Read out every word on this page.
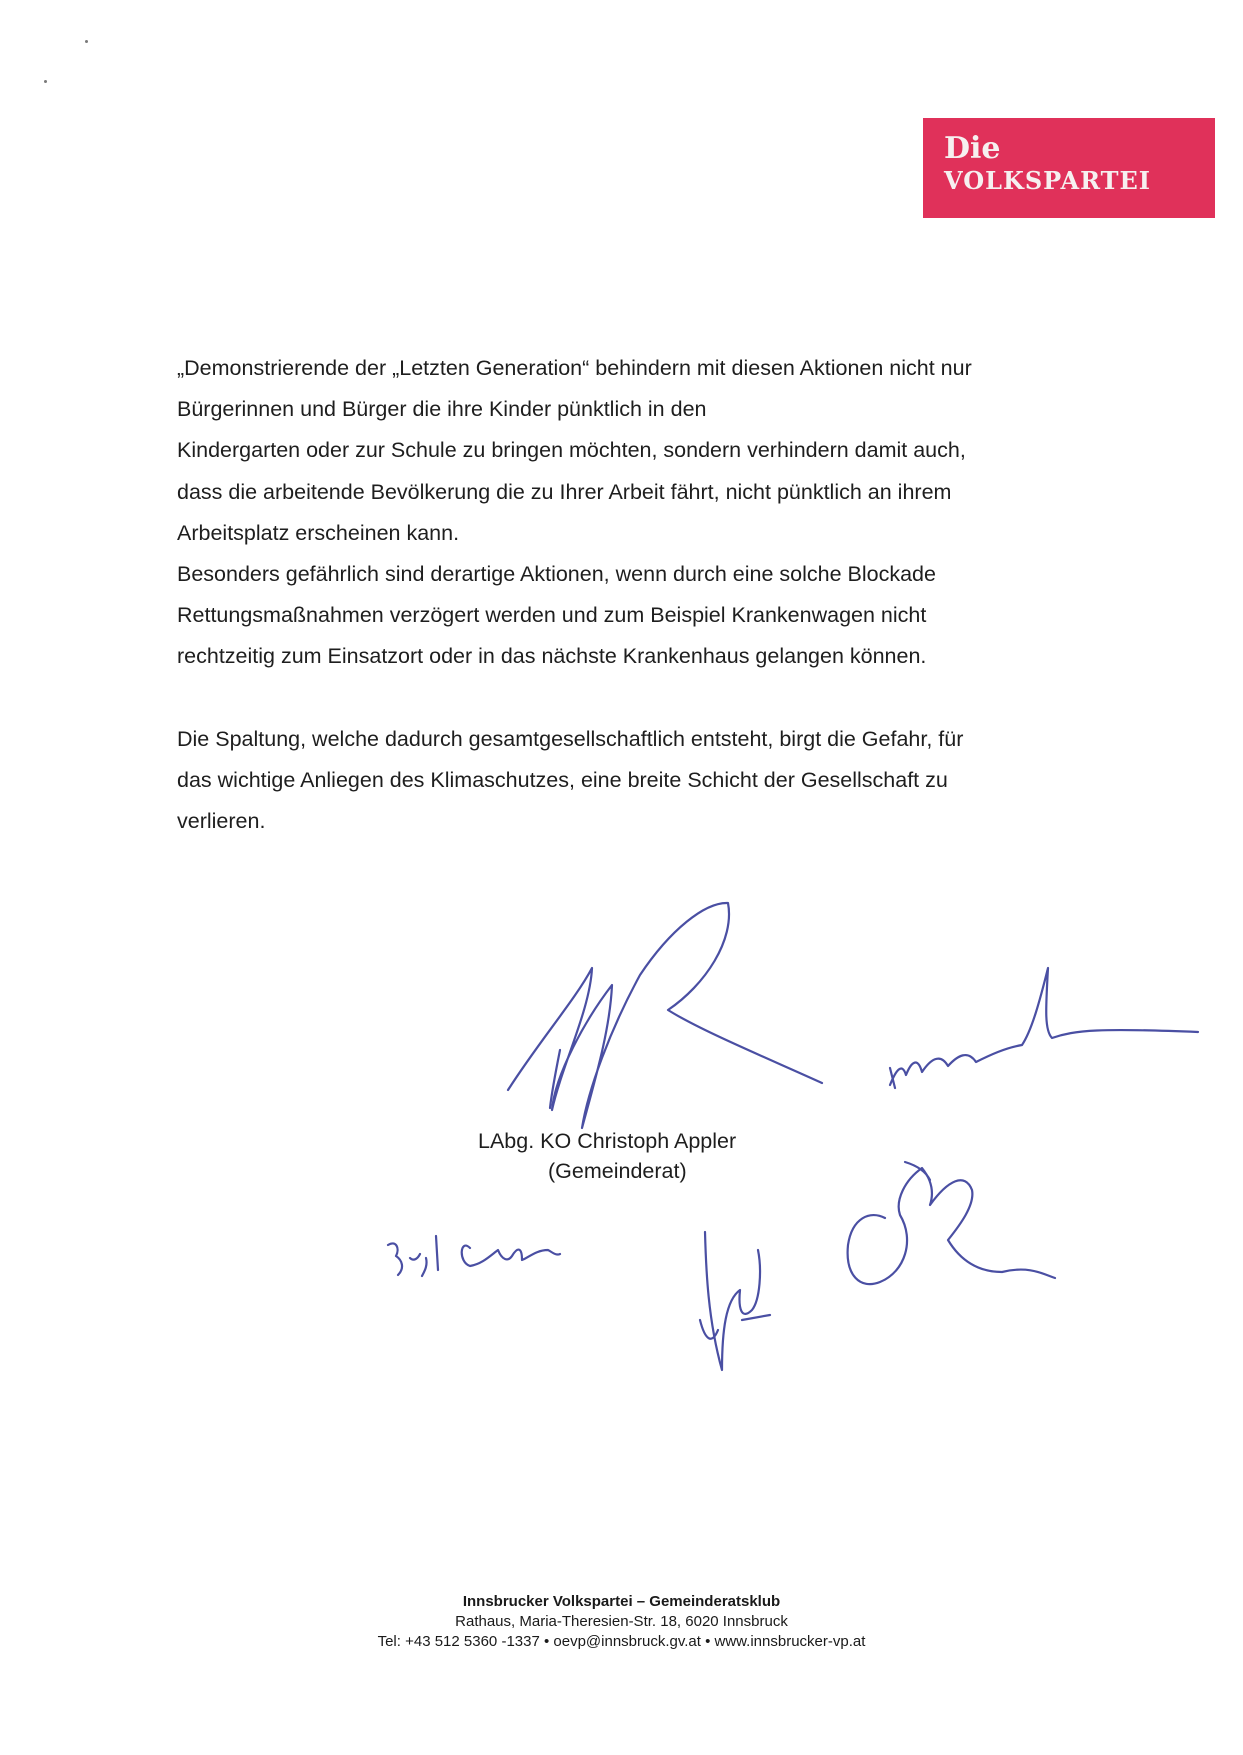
Die
VOLKSPARTEI

„Demonstrierende der „Letzten Generation“ behindern mit diesen Aktionen nicht nur
Bürgerinnen und Bürger die ihre Kinder pünktlich in den
Kindergarten oder zur Schule zu bringen möchten, sondern verhindern damit auch,
dass die arbeitende Bevölkerung die zu Ihrer Arbeit fährt, nicht pünktlich an ihrem
Arbeitsplatz erscheinen kann.
Besonders gefährlich sind derartige Aktionen, wenn durch eine solche Blockade
Rettungsmaßnahmen verzögert werden und zum Beispiel Krankenwagen nicht
rechtzeitig zum Einsatzort oder in das nächste Krankenhaus gelangen können.

Die Spaltung, welche dadurch gesamtgesellschaftlich entsteht, birgt die Gefahr, für
das wichtige Anliegen des Klimaschutzes, eine breite Schicht der Gesellschaft zu
verlieren.

LAbg. KO Christoph Appler
(Gemeinderat)
Innsbrucker Volkspartei – Gemeinderatsklub
Rathaus, Maria-Theresien-Str. 18, 6020 Innsbruck
Tel: +43 512 5360 -1337 • oevp@innsbruck.gv.at • www.innsbrucker-vp.at
